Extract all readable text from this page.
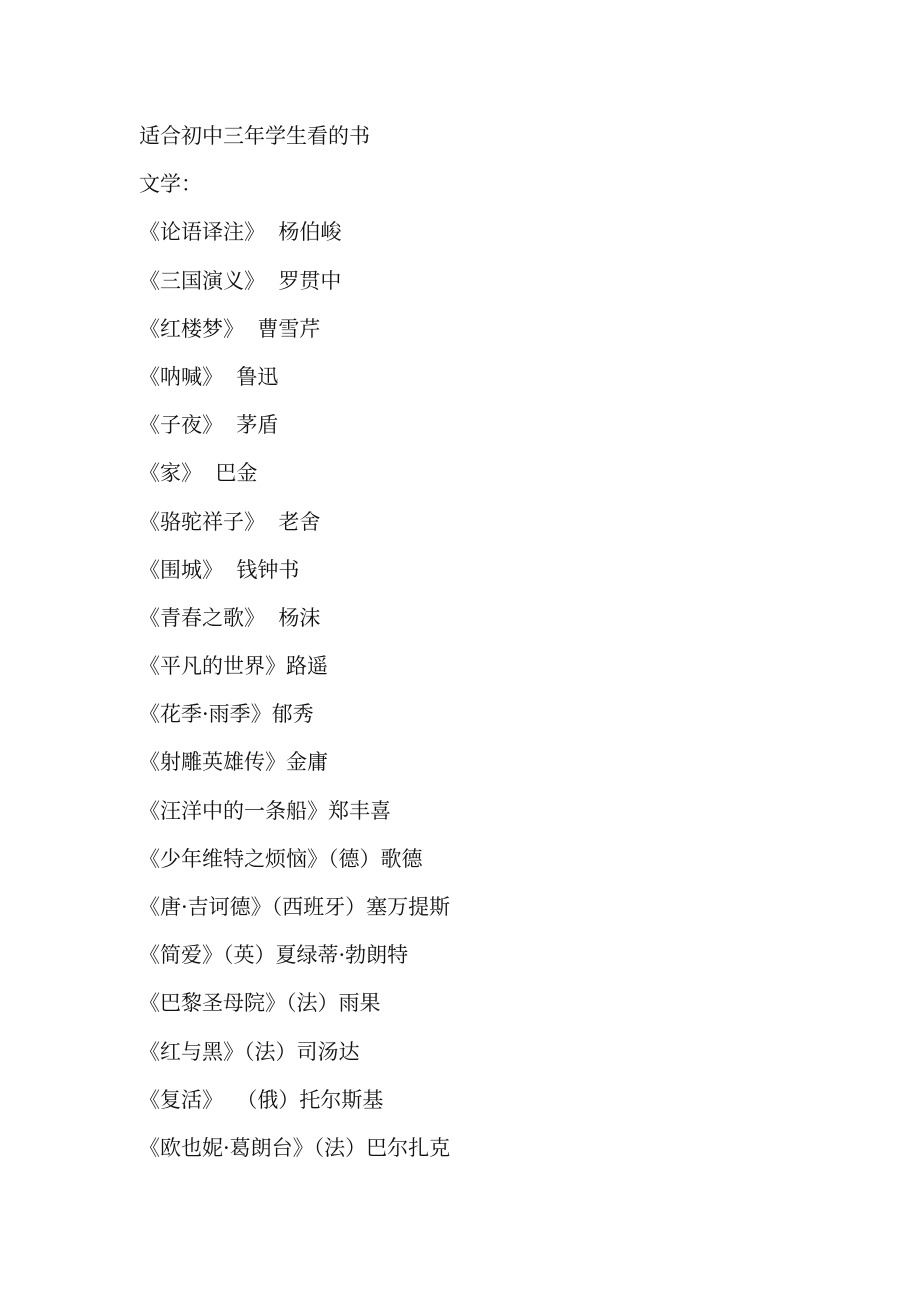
适合初中三年学生看的书
文学：
《论语译注》  杨伯峻
《三国演义》  罗贯中
《红楼梦》  曹雪芹
《呐喊》  鲁迅
《子夜》  茅盾
《家》  巴金
《骆驼祥子》  老舍
《围城》  钱钟书
《青春之歌》  杨沫
《平凡的世界》路遥
《花季·雨季》郁秀
《射雕英雄传》金庸
《汪洋中的一条船》郑丰喜
《少年维特之烦恼》（德）歌德
《唐·吉诃德》（西班牙）塞万提斯
《简爱》（英）夏绿蒂·勃朗特
《巴黎圣母院》（法）雨果
《红与黑》（法）司汤达
《复活》  （俄）托尔斯基
《欧也妮·葛朗台》（法）巴尔扎克
